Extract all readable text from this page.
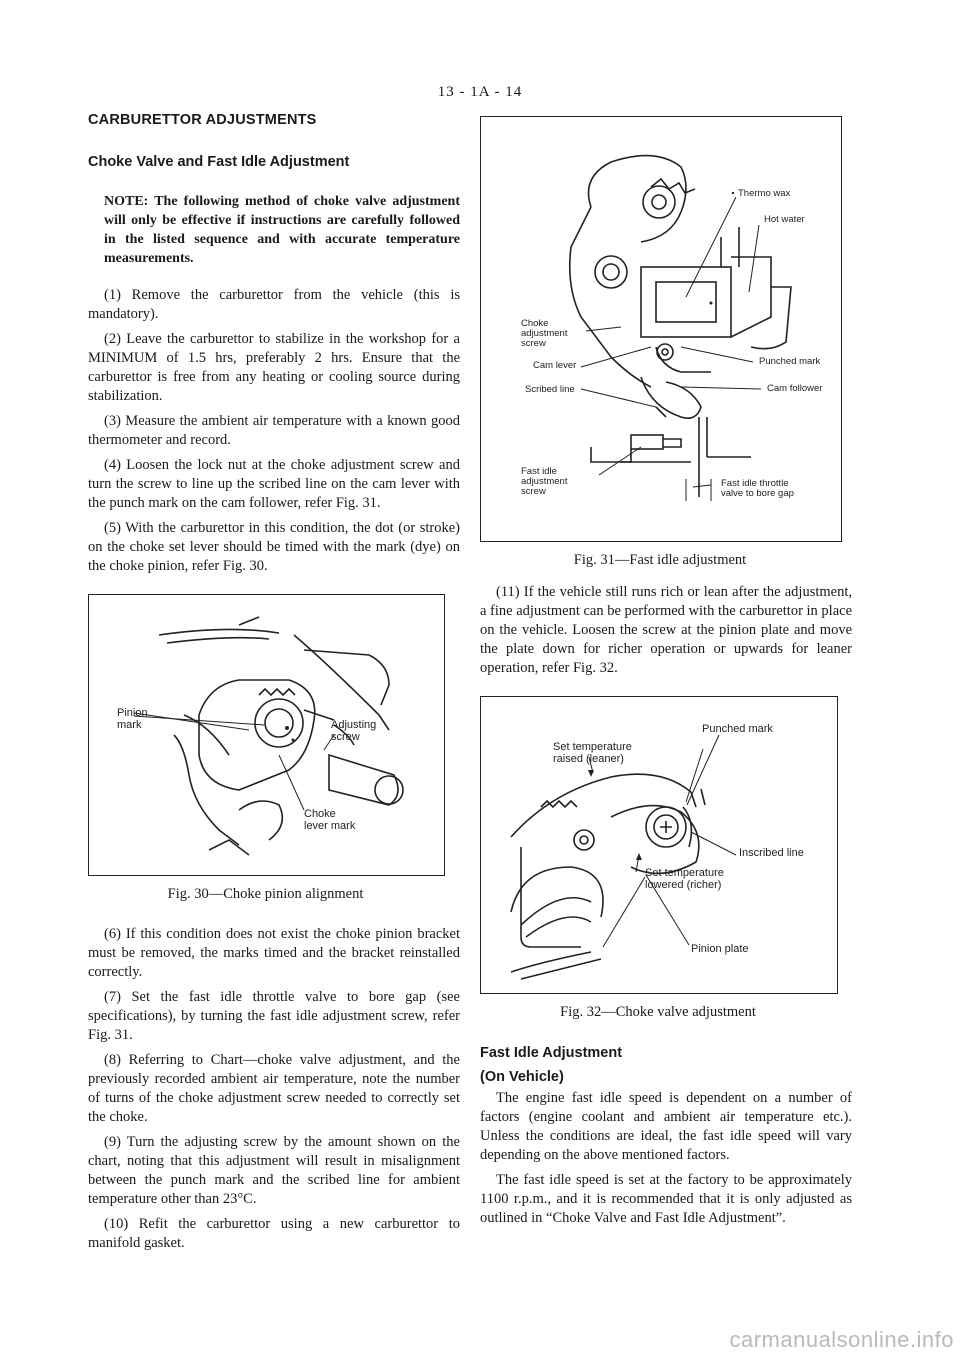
13 - 1A - 14
CARBURETTOR ADJUSTMENTS
Choke Valve and Fast Idle Adjustment
NOTE: The following method of choke valve adjustment will only be effective if instructions are carefully followed in the listed sequence and with accurate temperature measurements.

(1) Remove the carburettor from the vehicle (this is mandatory).

(2) Leave the carburettor to stabilize in the workshop for a MINIMUM of 1.5 hrs, preferably 2 hrs. Ensure that the carburettor is free from any heating or cooling source during stabilization.

(3) Measure the ambient air temperature with a known good thermometer and record.

(4) Loosen the lock nut at the choke adjustment screw and turn the screw to line up the scribed line on the cam lever with the punch mark on the cam follower, refer Fig. 31.

(5) With the carburettor in this condition, the dot (or stroke) on the choke set lever should be timed with the mark (dye) on the choke pinion, refer Fig. 30.

Pinion
mark	Adjusting
screw
Choke
lever mark
Fig. 30—Choke pinion alignment

(6) If this condition does not exist the choke pinion bracket must be removed, the marks timed and the bracket reinstalled correctly.

(7) Set the fast idle throttle valve to bore gap (see specifications), by turning the fast idle adjustment screw, refer Fig. 31.

(8) Referring to Chart—choke valve adjustment, and the previously recorded ambient air temperature, note the number of turns of the choke adjustment screw needed to correctly set the choke.

(9) Turn the adjusting screw by the amount shown on the chart, noting that this adjustment will result in misalignment between the punch mark and the scribed line for ambient temperature other than 23°C.

(10) Refit the carburettor using a new carburettor to manifold gasket.

Thermo wax
Hot water
Choke
adjustment
screw
Cam lever	Punched mark
Scribed line	Cam follower
Fast idle
adjustment
screw
Fast idle throttle
valve to bore gap
Fig. 31—Fast idle adjustment

(11) If the vehicle still runs rich or lean after the adjustment, a fine adjustment can be performed with the carburettor in place on the vehicle. Loosen the screw at the pinion plate and move the plate down for richer operation or upwards for leaner operation, refer Fig. 32.

Punched mark
Set temperature
raised (leaner)
Inscribed line
Set temperature
lowered (richer)
Pinion plate
Fig. 32—Choke valve adjustment
Fast Idle Adjustment
(On Vehicle)

The engine fast idle speed is dependent on a number of factors (engine coolant and ambient air temperature etc.). Unless the conditions are ideal, the fast idle speed will vary depending on the above mentioned factors.

The fast idle speed is set at the factory to be approximately 1100 r.p.m., and it is recommended that it is only adjusted as outlined in “Choke Valve and Fast Idle Adjustment”.

carmanualsonline.info
